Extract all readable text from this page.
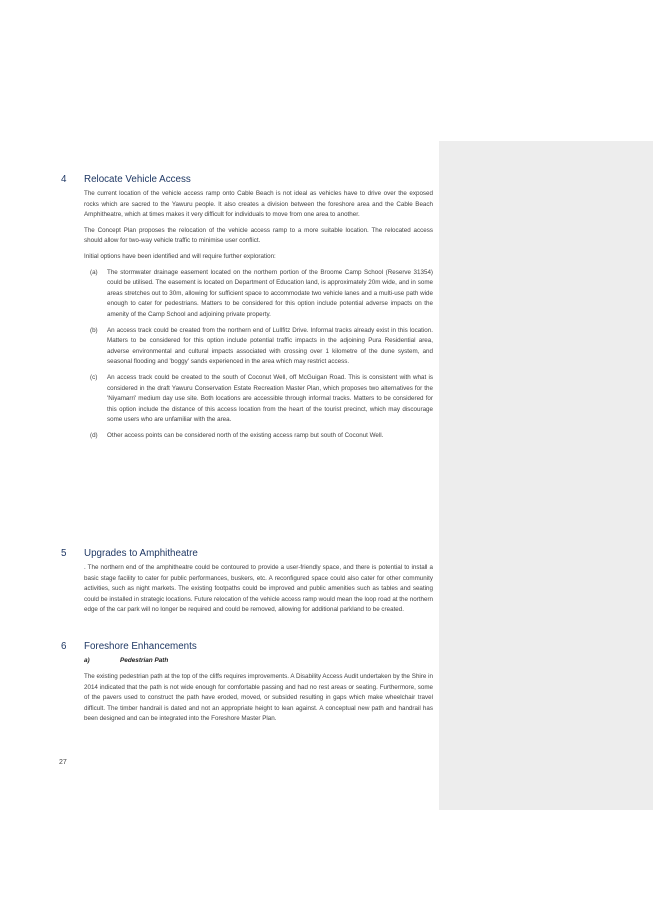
4	Relocate Vehicle Access

The current location of the vehicle access ramp onto Cable Beach is not ideal as vehicles have to drive over the exposed rocks which are sacred to the Yawuru people. It also creates a division between the foreshore area and the Cable Beach Amphitheatre, which at times makes it very difficult for individuals to move from one area to another.

The Concept Plan proposes the relocation of the vehicle access ramp to a more suitable location. The relocated access should allow for two-way vehicle traffic to minimise user conflict.

Initial options have been identified and will require further exploration:

(a)	The stormwater drainage easement located on the northern portion of the Broome Camp School (Reserve 31354) could be utilised. The easement is located on Department of Education land, is approximately 20m wide, and in some areas stretches out to 30m, allowing for sufficient space to accommodate two vehicle lanes and a multi-use path wide enough to cater for pedestrians. Matters to be considered for this option include potential adverse impacts on the amenity of the Camp School and adjoining private property.
(b)	An access track could be created from the northern end of Lullfitz Drive. Informal tracks already exist in this location. Matters to be considered for this option include potential traffic impacts in the adjoining Pura Residential area, adverse environmental and cultural impacts associated with crossing over 1 kilometre of the dune system, and seasonal flooding and 'boggy' sands experienced in the area which may restrict access.
(c)	An access track could be created to the south of Coconut Well, off McGuigan Road. This is consistent with what is considered in the draft Yawuru Conservation Estate Recreation Master Plan, which proposes two alternatives for the 'Niyamarri' medium day use site. Both locations are accessible through informal tracks. Matters to be considered for this option include the distance of this access location from the heart of the tourist precinct, which may discourage some users who are unfamiliar with the area.
(d)	Other access points can be considered north of the existing access ramp but south of Coconut Well.
5	Upgrades to Amphitheatre

. The northern end of the amphitheatre could be contoured to provide a user-friendly space, and there is potential to install a basic stage facility to cater for public performances, buskers, etc. A reconfigured space could also cater for other community activities, such as night markets. The existing footpaths could be improved and public amenities such as tables and seating could be installed in strategic locations. Future relocation of the vehicle access ramp would mean the loop road at the northern edge of the car park will no longer be required and could be removed, allowing for additional parkland to be created.

6	Foreshore Enhancements
a)	Pedestrian Path

The existing pedestrian path at the top of the cliffs requires improvements. A Disability Access Audit undertaken by the Shire in 2014 indicated that the path is not wide enough for comfortable passing and had no rest areas or seating. Furthermore, some of the pavers used to construct the path have eroded, moved, or subsided resulting in gaps which make wheelchair travel difficult. The timber handrail is dated and not an appropriate height to lean against. A conceptual new path and handrail has been designed and can be integrated into the Foreshore Master Plan.

27
